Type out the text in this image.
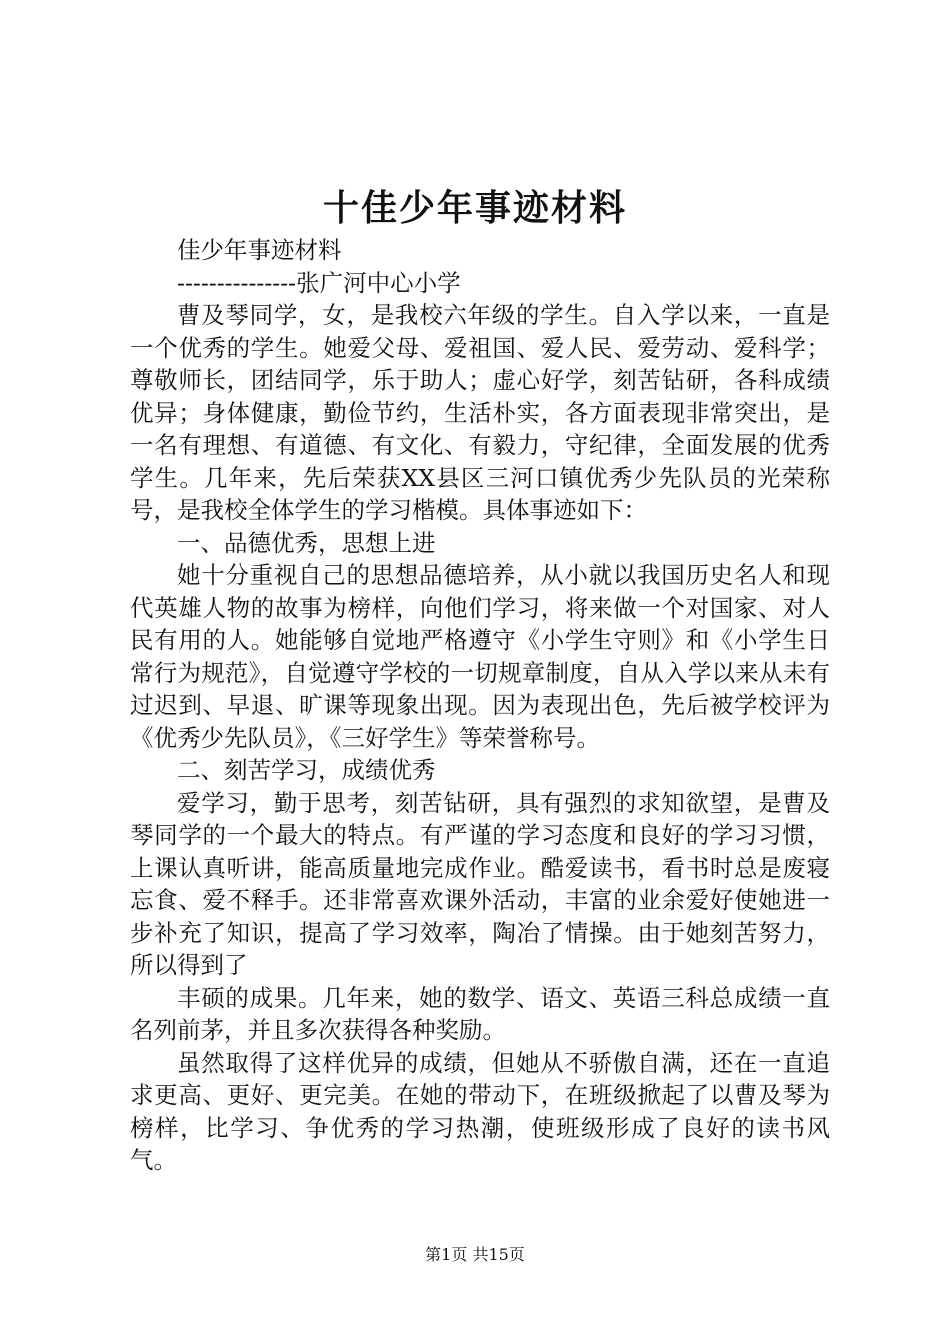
十佳少年事迹材料

佳少年事迹材料

---------------张广河中心小学

曹及琴同学，女，是我校六年级的学生。自入学以来，一直是一个优秀的学生。她爱父母、爱祖国、爱人民、爱劳动、爱科学；尊敬师长，团结同学，乐于助人；虚心好学，刻苦钻研，各科成绩优异；身体健康，勤俭节约，生活朴实，各方面表现非常突出，是一名有理想、有道德、有文化、有毅力，守纪律，全面发展的优秀学生。几年来，先后荣获XX县区三河口镇优秀少先队员的光荣称号，是我校全体学生的学习楷模。具体事迹如下：

一、品德优秀，思想上进

她十分重视自己的思想品德培养，从小就以我国历史名人和现代英雄人物的故事为榜样，向他们学习，将来做一个对国家、对人民有用的人。她能够自觉地严格遵守《小学生守则》和《小学生日常行为规范》，自觉遵守学校的一切规章制度，自从入学以来从未有过迟到、早退、旷课等现象出现。因为表现出色，先后被学校评为《优秀少先队员》，《三好学生》等荣誉称号。

二、刻苦学习，成绩优秀

爱学习，勤于思考，刻苦钻研，具有强烈的求知欲望，是曹及琴同学的一个最大的特点。有严谨的学习态度和良好的学习习惯，上课认真听讲，能高质量地完成作业。酷爱读书，看书时总是废寝忘食、爱不释手。还非常喜欢课外活动，丰富的业余爱好使她进一步补充了知识，提高了学习效率，陶冶了情操。由于她刻苦努力，所以得到了

丰硕的成果。几年来，她的数学、语文、英语三科总成绩一直名列前茅，并且多次获得各种奖励。

虽然取得了这样优异的成绩，但她从不骄傲自满，还在一直追求更高、更好、更完美。在她的带动下，在班级掀起了以曹及琴为榜样，比学习、争优秀的学习热潮，使班级形成了良好的读书风气。

第1页 共15页
